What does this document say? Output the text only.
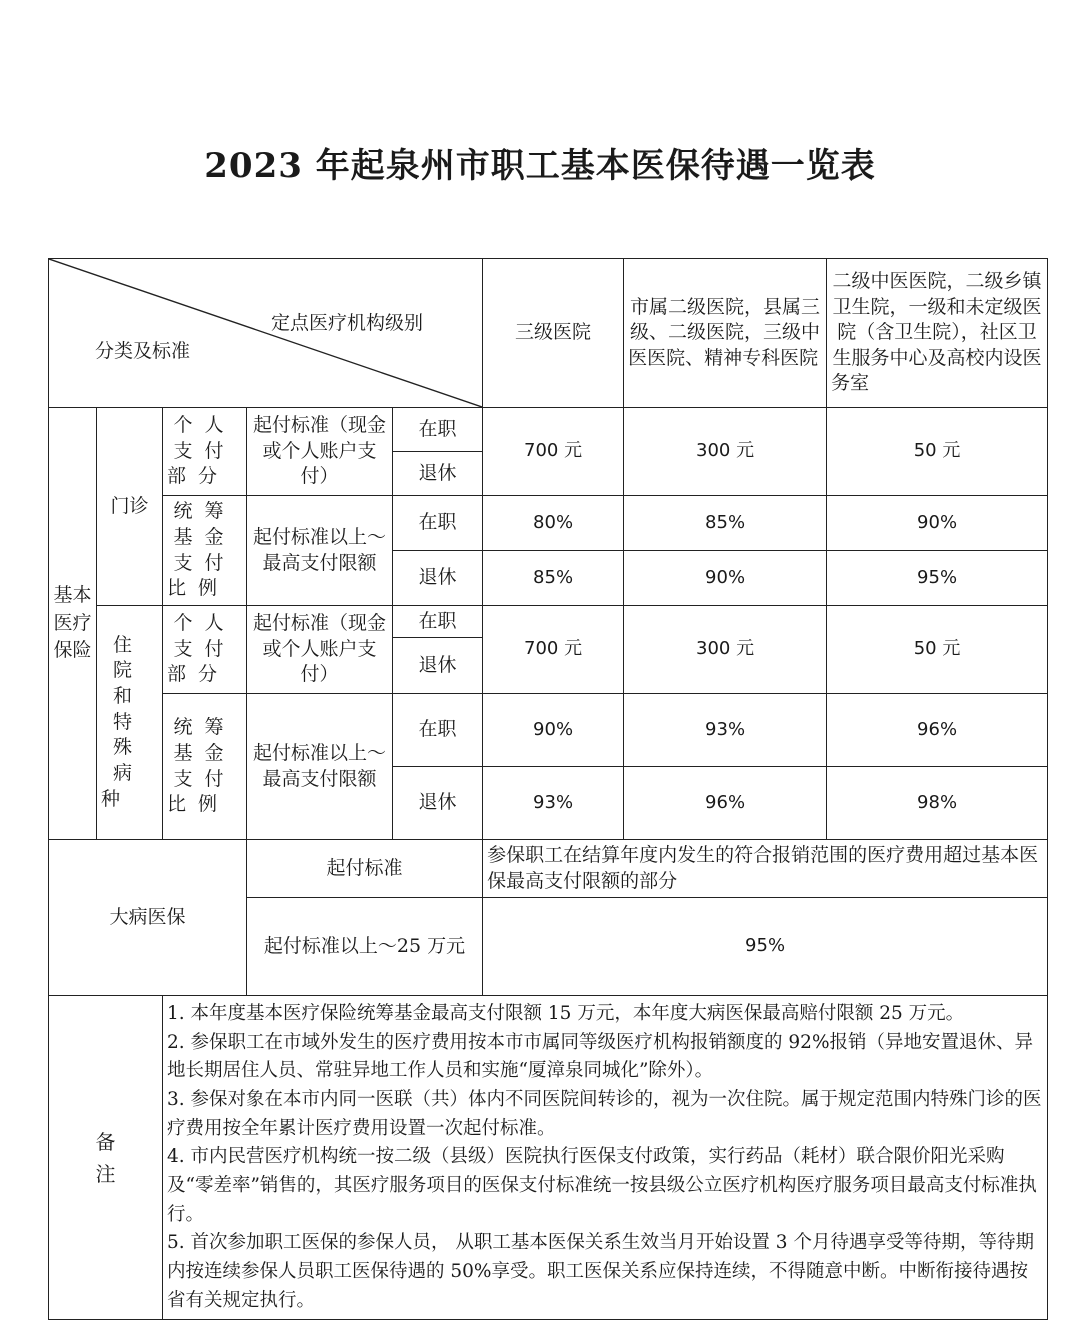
2023 年起泉州市职工基本医保待遇一览表
定点医疗机构级别
分类及标准					三级医院	市属二级医院，县属三级、二级医院，三级中医医院、精神专科医院	二级中医医院，二级乡镇卫生院，一级和未定级医院（含卫生院），社区卫生服务中心及高校内设医务室
基本医疗保险	门诊	个人支付部分	起付标准（现金或个人账户支付）	在职	700 元	300 元	50 元
				退休			
		统筹基金支付比例	起付标准以上～最高支付限额	在职	80%	85%	90%
				退休	85%	90%	95%
	住院和特殊病种	个人支付部分	起付标准（现金或个人账户支付）	在职	700 元	300 元	50 元
				退休			
		统筹基金支付比例	起付标准以上～最高支付限额	在职	90%	93%	96%
				退休	93%	96%	98%
大病医保			起付标准		参保职工在结算年度内发生的符合报销范围的医疗费用超过基本医保最高支付限额的部分		
			起付标准以上～25 万元		95%		
备注		1. 本年度基本医疗保险统筹基金最高支付限额 15 万元，本年度大病医保最高赔付限额 25 万元。
2. 参保职工在市域外发生的医疗费用按本市市属同等级医疗机构报销额度的 92%报销（异地安置退休、异地长期居住人员、常驻异地工作人员和实施“厦漳泉同城化”除外）。
3. 参保对象在本市内同一医联（共）体内不同医院间转诊的，视为一次住院。属于规定范围内特殊门诊的医疗费用按全年累计医疗费用设置一次起付标准。
4. 市内民营医疗机构统一按二级（县级）医院执行医保支付政策，实行药品（耗材）联合限价阳光采购及“零差率”销售的，其医疗服务项目的医保支付标准统一按县级公立医疗机构医疗服务项目最高支付标准执行。
5. 首次参加职工医保的参保人员， 从职工基本医保关系生效当月开始设置 3 个月待遇享受等待期，等待期内按连续参保人员职工医保待遇的 50%享受。职工医保关系应保持连续，不得随意中断。中断衔接待遇按省有关规定执行。					
